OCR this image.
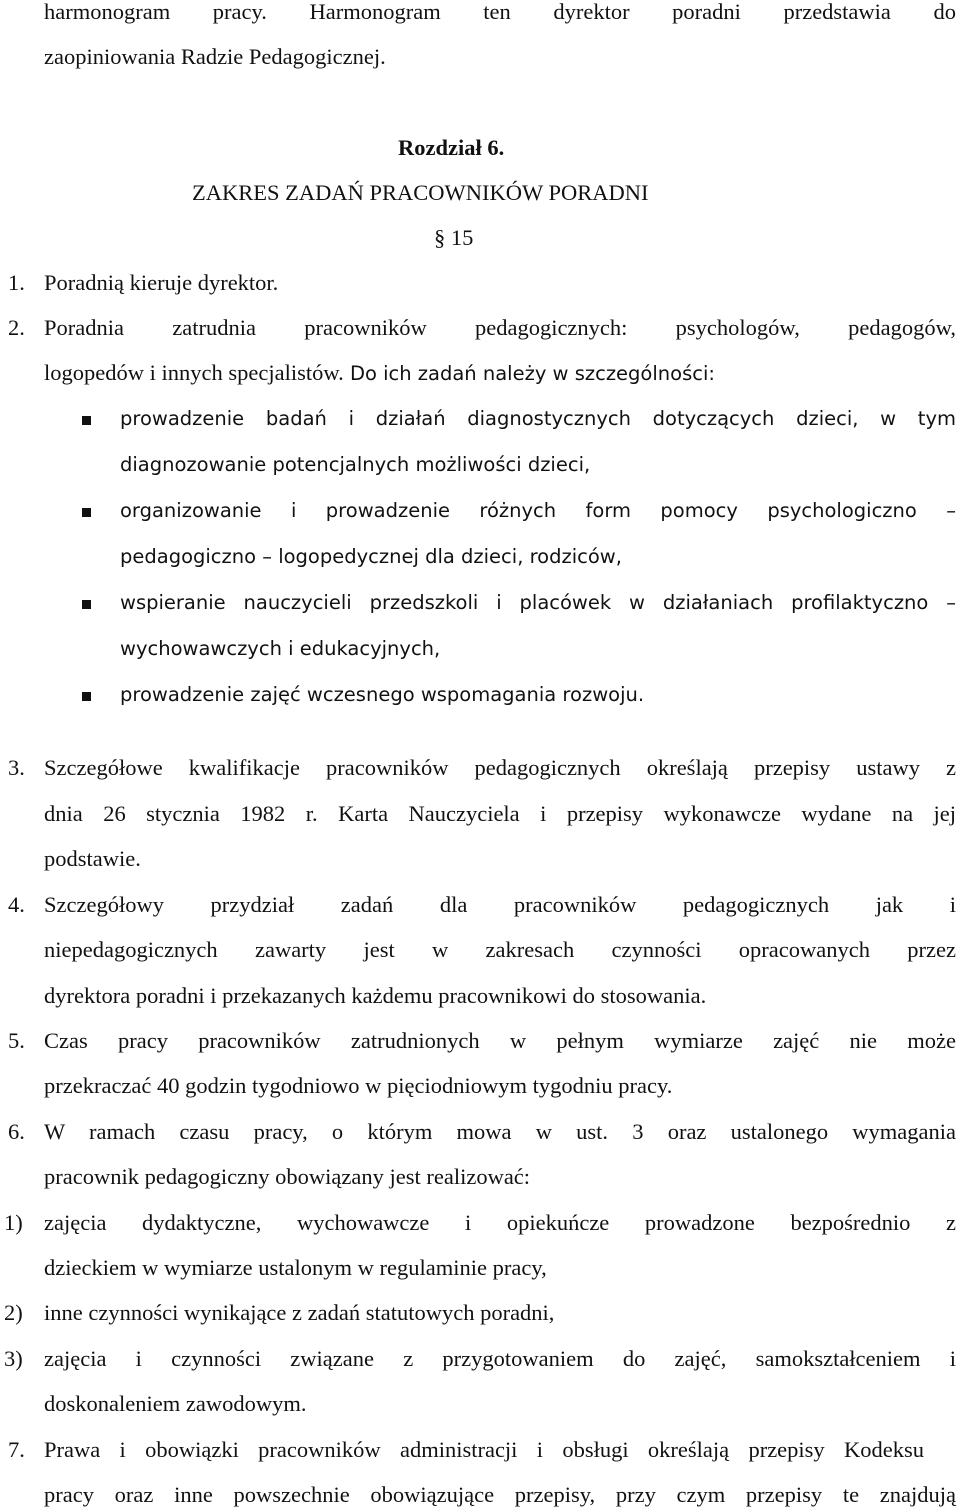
harmonogram pracy. Harmonogram ten dyrektor poradni przedstawia do
zaopiniowania Radzie Pedagogicznej.
Rozdział 6.
ZAKRES ZADAŃ PRACOWNIKÓW PORADNI
§ 15
1. Poradnią kieruje dyrektor.
2. Poradnia zatrudnia pracowników pedagogicznych: psychologów, pedagogów,
logopedów i innych specjalistów. Do ich zadań należy w szczególności:
prowadzenie badań i działań diagnostycznych dotyczących dzieci, w tym
diagnozowanie potencjalnych możliwości dzieci,
organizowanie i prowadzenie różnych form pomocy psychologiczno –
pedagogiczno – logopedycznej dla dzieci, rodziców,
wspieranie nauczycieli przedszkoli i placówek w działaniach profilaktyczno –
wychowawczych i edukacyjnych,
prowadzenie zajęć wczesnego wspomagania rozwoju.
3. Szczegółowe kwalifikacje pracowników pedagogicznych określają przepisy ustawy z
dnia 26 stycznia 1982 r. Karta Nauczyciela i przepisy wykonawcze wydane na jej
podstawie.
4. Szczegółowy przydział zadań dla pracowników pedagogicznych jak i
niepedagogicznych zawarty jest w zakresach czynności opracowanych przez
dyrektora poradni i przekazanych każdemu pracownikowi do stosowania.
5. Czas pracy pracowników zatrudnionych w pełnym wymiarze zajęć nie może
przekraczać 40 godzin tygodniowo w pięciodniowym tygodniu pracy.
6. W ramach czasu pracy, o którym mowa w ust. 3 oraz ustalonego wymagania
pracownik pedagogiczny obowiązany jest realizować:
1) zajęcia dydaktyczne, wychowawcze i opiekuńcze prowadzone bezpośrednio z
dzieckiem w wymiarze ustalonym w regulaminie pracy,
2) inne czynności wynikające z zadań statutowych poradni,
3) zajęcia i czynności związane z przygotowaniem do zajęć, samokształceniem i
doskonaleniem zawodowym.
7. Prawa i obowiązki pracowników administracji i obsługi określają przepisy Kodeksu
pracy oraz inne powszechnie obowiązujące przepisy, przy czym przepisy te znajdują
